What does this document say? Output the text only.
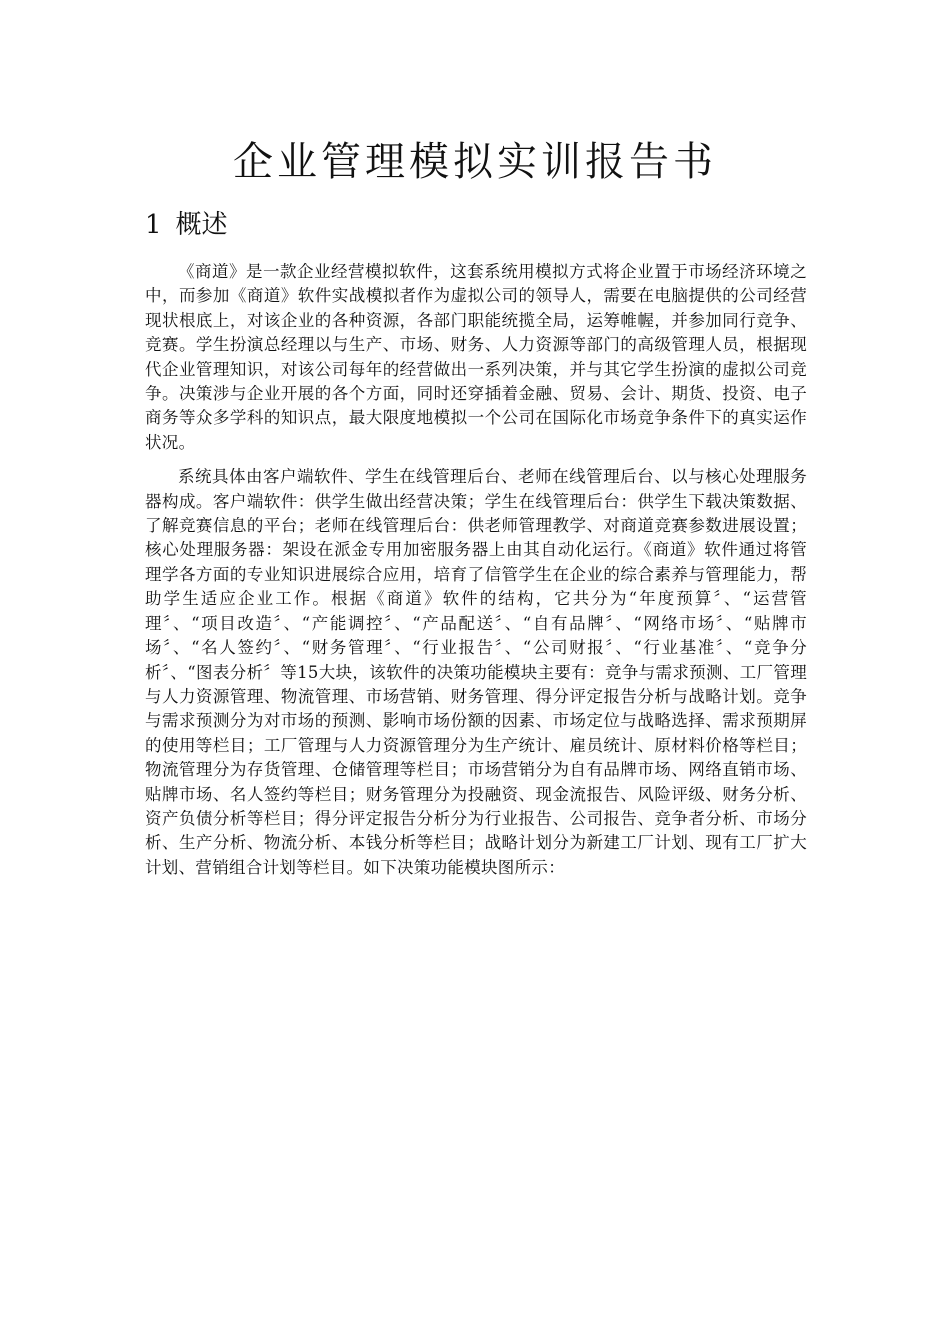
企业管理模拟实训报告书
1 概述

《商道》是一款企业经营模拟软件，这套系统用模拟方式将企业置于市场经济环境之中，而参加《商道》软件实战模拟者作为虚拟公司的领导人，需要在电脑提供的公司经营现状根底上，对该企业的各种资源，各部门职能统揽全局，运筹帷幄，并参加同行竞争、竞赛。学生扮演总经理以与生产、市场、财务、人力资源等部门的高级管理人员，根据现代企业管理知识，对该公司每年的经营做出一系列决策，并与其它学生扮演的虚拟公司竞争。决策涉与企业开展的各个方面，同时还穿插着金融、贸易、会计、期货、投资、电子商务等众多学科的知识点，最大限度地模拟一个公司在国际化市场竞争条件下的真实运作状况。

系统具体由客户端软件、学生在线管理后台、老师在线管理后台、以与核心处理服务器构成。客户端软件：供学生做出经营决策；学生在线管理后台：供学生下载决策数据、了解竞赛信息的平台；老师在线管理后台：供老师管理教学、对商道竞赛参数进展设置；核心处理服务器：架设在派金专用加密服务器上由其自动化运行。《商道》软件通过将管理学各方面的专业知识进展综合应用，培育了信管学生在企业的综合素养与管理能力，帮助学生适应企业工作。根据《商道》软件的结构，它共分为“年度预算〞、“运营管理〞、“项目改造〞、“产能调控〞、“产品配送〞、“自有品牌〞、“网络市场〞、“贴牌市场〞、“名人签约〞、“财务管理〞、“行业报告〞、“公司财报〞、“行业基准〞、“竞争分析〞、“图表分析〞等15大块，该软件的决策功能模块主要有：竞争与需求预测、工厂管理与人力资源管理、物流管理、市场营销、财务管理、得分评定报告分析与战略计划。竞争与需求预测分为对市场的预测、影响市场份额的因素、市场定位与战略选择、需求预期屏的使用等栏目；工厂管理与人力资源管理分为生产统计、雇员统计、原材料价格等栏目；物流管理分为存货管理、仓储管理等栏目；市场营销分为自有品牌市场、网络直销市场、贴牌市场、名人签约等栏目；财务管理分为投融资、现金流报告、风险评级、财务分析、资产负债分析等栏目；得分评定报告分析分为行业报告、公司报告、竞争者分析、市场分析、生产分析、物流分析、本钱分析等栏目；战略计划分为新建工厂计划、现有工厂扩大计划、营销组合计划等栏目。如下决策功能模块图所示：
